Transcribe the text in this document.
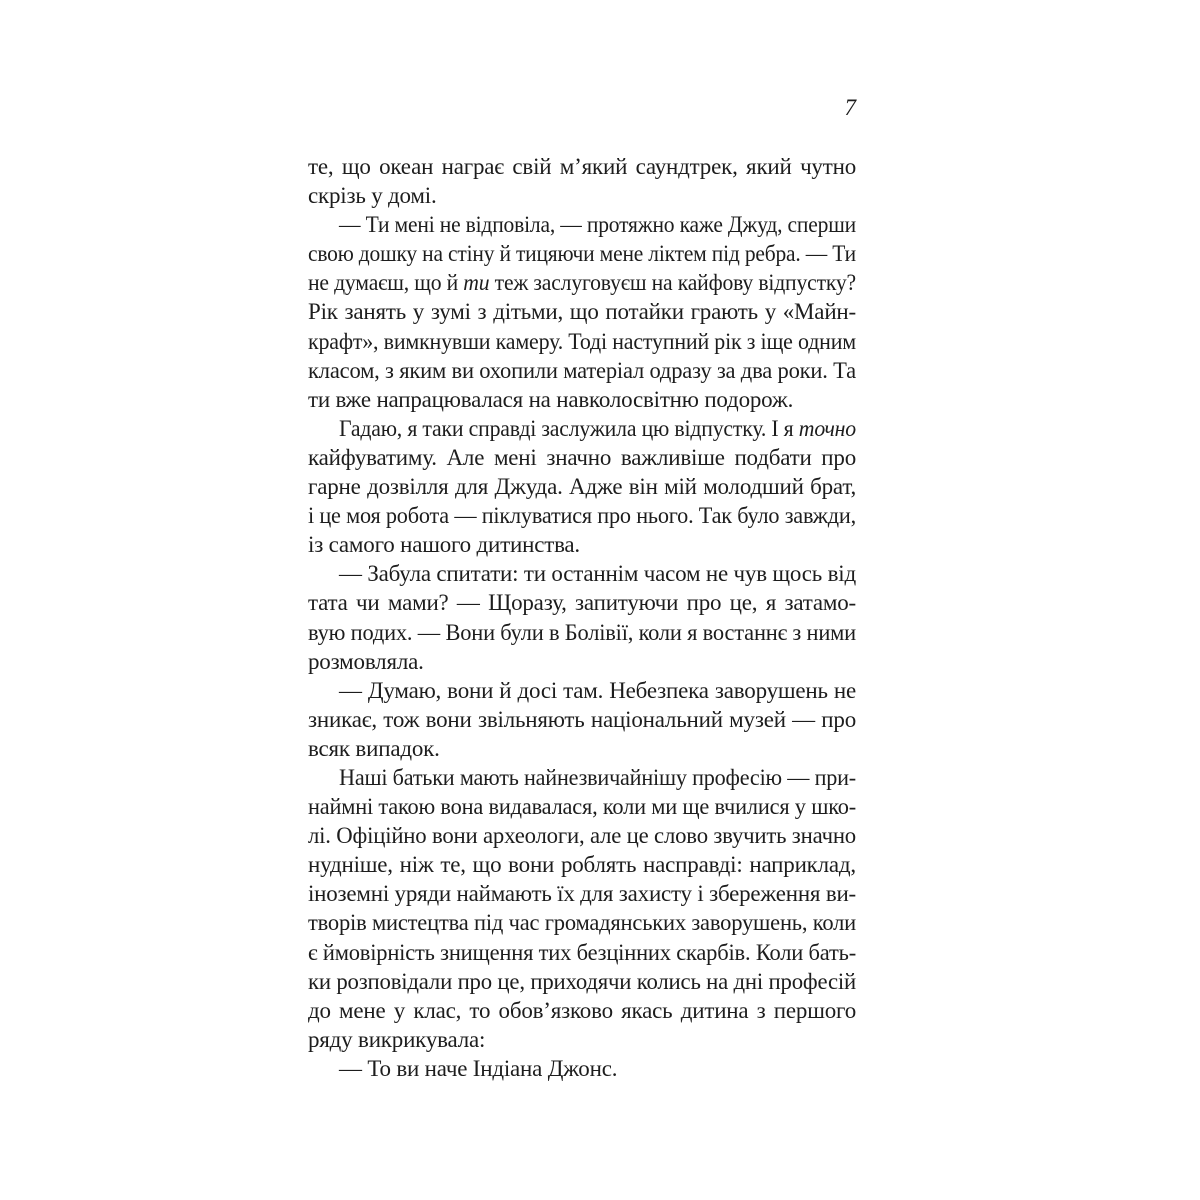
7
те, що океан награє свій м’який саундтрек, який чутно
скрізь у домі.
— Ти мені не відповіла, — протяжно каже Джуд, сперши
свою дошку на стіну й тицяючи мене ліктем під ребра. — Ти
не думаєш, що й ти теж заслуговуєш на кайфову відпустку?
Рік занять у зумі з дітьми, що потайки грають у «Майн-
крафт», вимкнувши камеру. Тоді наступний рік з іще одним
класом, з яким ви охопили матеріал одразу за два роки. Та
ти вже напрацювалася на навколосвітню подорож.
Гадаю, я таки справді заслужила цю відпустку. І я точно
кайфуватиму. Але мені значно важливіше подбати про
гарне дозвілля для Джуда. Адже він мій молодший брат,
і це моя робота — піклуватися про нього. Так було завжди,
із самого нашого дитинства.
— Забула спитати: ти останнім часом не чув щось від
тата чи мами? — Щоразу, запитуючи про це, я затамо-
вую подих. — Вони були в Болівії, коли я востаннє з ними
розмовляла.
— Думаю, вони й досі там. Небезпека заворушень не
зникає, тож вони звільняють національний музей — про
всяк випадок.
Наші батьки мають найнезвичайнішу професію — при-
наймні такою вона видавалася, коли ми ще вчилися у шко-
лі. Офіційно вони археологи, але це слово звучить значно
нудніше, ніж те, що вони роблять насправді: наприклад,
іноземні уряди наймають їх для захисту і збереження ви-
творів мистецтва під час громадянських заворушень, коли
є ймовірність знищення тих безцінних скарбів. Коли бать-
ки розповідали про це, приходячи колись на дні професій
до мене у клас, то обов’язково якась дитина з першого
ряду викрикувала:
— То ви наче Індіана Джонс.
